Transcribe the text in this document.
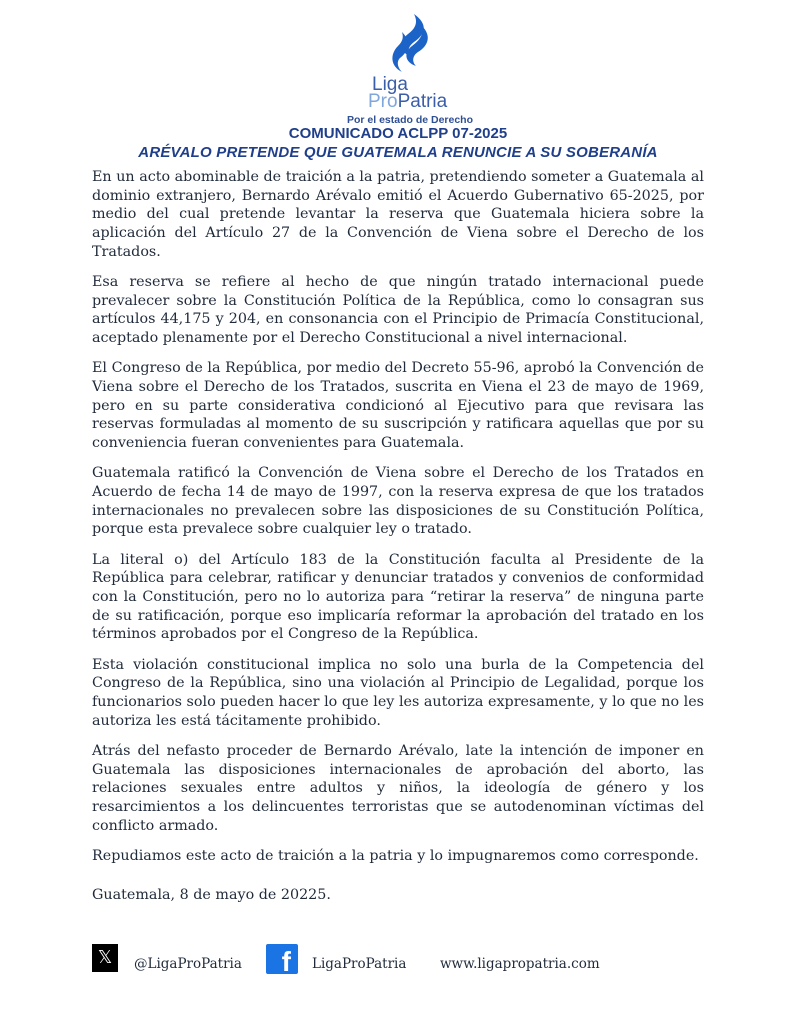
Liga
ProPatria
Por el estado de Derecho
COMUNICADO ACLPP 07-2025
ARÉVALO PRETENDE QUE GUATEMALA RENUNCIE A SU SOBERANÍA

En un acto abominable de traición a la patria, pretendiendo someter a Guatemala al dominio extranjero, Bernardo Arévalo emitió el Acuerdo Gubernativo 65-2025, por medio del cual pretende levantar la reserva que Guatemala hiciera sobre la aplicación del Artículo 27 de la Convención de Viena sobre el Derecho de los Tratados.

Esa reserva se refiere al hecho de que ningún tratado internacional puede prevalecer sobre la Constitución Política de la República, como lo consagran sus artículos 44,175 y 204, en consonancia con el Principio de Primacía Constitucional, aceptado plenamente por el Derecho Constitucional a nivel internacional.

El Congreso de la República, por medio del Decreto 55-96, aprobó la Convención de Viena sobre el Derecho de los Tratados, suscrita en Viena el 23 de mayo de 1969, pero en su parte considerativa condicionó al Ejecutivo para que revisara las reservas formuladas al momento de su suscripción y ratificara aquellas que por su conveniencia fueran convenientes para Guatemala.

Guatemala ratificó la Convención de Viena sobre el Derecho de los Tratados en Acuerdo de fecha 14 de mayo de 1997, con la reserva expresa de que los tratados internacionales no prevalecen sobre las disposiciones de su Constitución Política, porque esta prevalece sobre cualquier ley o tratado.

La literal o) del Artículo 183 de la Constitución faculta al Presidente de la República para celebrar, ratificar y denunciar tratados y convenios de conformidad con la Constitución, pero no lo autoriza para “retirar la reserva” de ninguna parte de su ratificación, porque eso implicaría reformar la aprobación del tratado en los términos aprobados por el Congreso de la República.

Esta violación constitucional implica no solo una burla de la Competencia del Congreso de la República, sino una violación al Principio de Legalidad, porque los funcionarios solo pueden hacer lo que ley les autoriza expresamente, y lo que no les autoriza les está tácitamente prohibido.

Atrás del nefasto proceder de Bernardo Arévalo, late la intención de imponer en Guatemala las disposiciones internacionales de aprobación del aborto, las relaciones sexuales entre adultos y niños, la ideología de género y los resarcimientos a los delincuentes terroristas que se autodenominan víctimas del conflicto armado.

Repudiamos este acto de traición a la patria y lo impugnaremos como corresponde.

Guatemala, 8 de mayo de 20225.

𝕏	@LigaProPatria f LigaProPatria www.ligapropatria.com
